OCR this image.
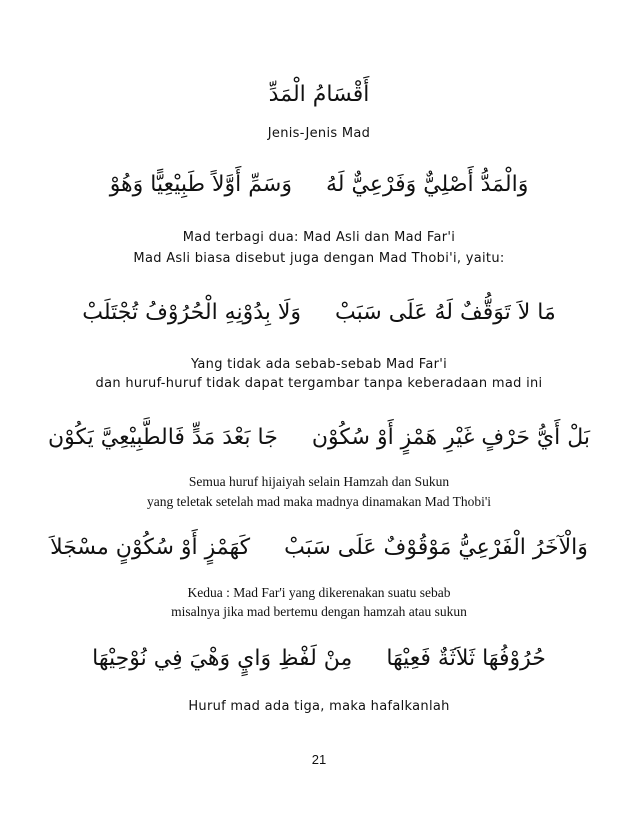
أَقْسَامُ الْمَدِّ
Jenis-Jenis Mad
وَالْمَدُّ أَصْلِيٌّ وَفَرْعِيٌّ لَهُ
وَسَمِّ أَوَّلاً طَبِيْعِيًّا وَهُوْ
Mad terbagi dua: Mad Asli dan Mad Far'i
Mad Asli biasa disebut juga dengan Mad Thobi'i, yaitu:
مَا لاَ تَوَقُّفٌ لَهُ عَلَى سَبَبْ
وَلَا بِدُوْنِهِ الْحُرُوْفُ تُجْتَلَبْ
Yang tidak ada sebab-sebab Mad Far'i
dan huruf-huruf tidak dapat tergambar tanpa keberadaan mad ini
بَلْ أَيُّ حَرْفٍ غَيْرِ هَمْزٍ أَوْ سُكُوْن
جَا بَعْدَ مَدٍّ فَالطَّبِيْعِيَّ يَكُوْن
Semua huruf hijaiyah selain Hamzah dan Sukun
yang teletak setelah mad maka madnya dinamakan Mad Thobi'i
وَالْآخَرُ الْفَرْعِيُّ مَوْقُوْفٌ عَلَى سَبَبْ
كَهَمْزٍ أَوْ سُكُوْنٍ مسْجَلاَ
Kedua : Mad Far'i yang dikerenakan suatu sebab
misalnya jika mad bertemu dengan hamzah atau sukun
حُرُوْفُهَا ثَلاَثَةٌ فَعِيْهَا
مِنْ لَفْظِ وَايٍ وَهْيَ فِي نُوْحِيْهَا
Huruf mad ada tiga, maka hafalkanlah
21
